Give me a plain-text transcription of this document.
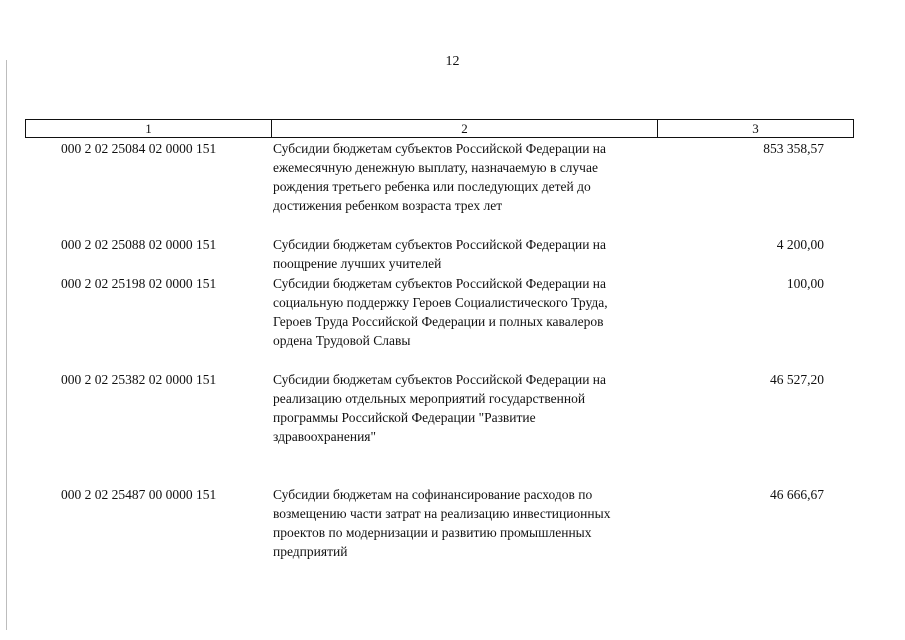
12
1	2	3
000 2 02 25084 02 0000 151	Субсидии бюджетам субъектов Российской Федерации на
ежемесячную денежную выплату, назначаемую в случае
рождения третьего ребенка или последующих детей до
достижения ребенком возраста трех лет
853 358,57
000 2 02 25088 02 0000 151	Субсидии бюджетам субъектов Российской Федерации на
поощрение лучших учителей
4 200,00
000 2 02 25198 02 0000 151	Субсидии бюджетам субъектов Российской Федерации на
социальную поддержку Героев Социалистического Труда,
Героев Труда Российской Федерации и полных кавалеров
ордена Трудовой Славы
100,00
000 2 02 25382 02 0000 151	Субсидии бюджетам субъектов Российской Федерации на
реализацию отдельных мероприятий государственной
программы Российской Федерации "Развитие
здравоохранения"
46 527,20
000 2 02 25487 00 0000 151	Субсидии бюджетам на софинансирование расходов по
возмещению части затрат на реализацию инвестиционных
проектов по модернизации и развитию промышленных
предприятий
46 666,67
